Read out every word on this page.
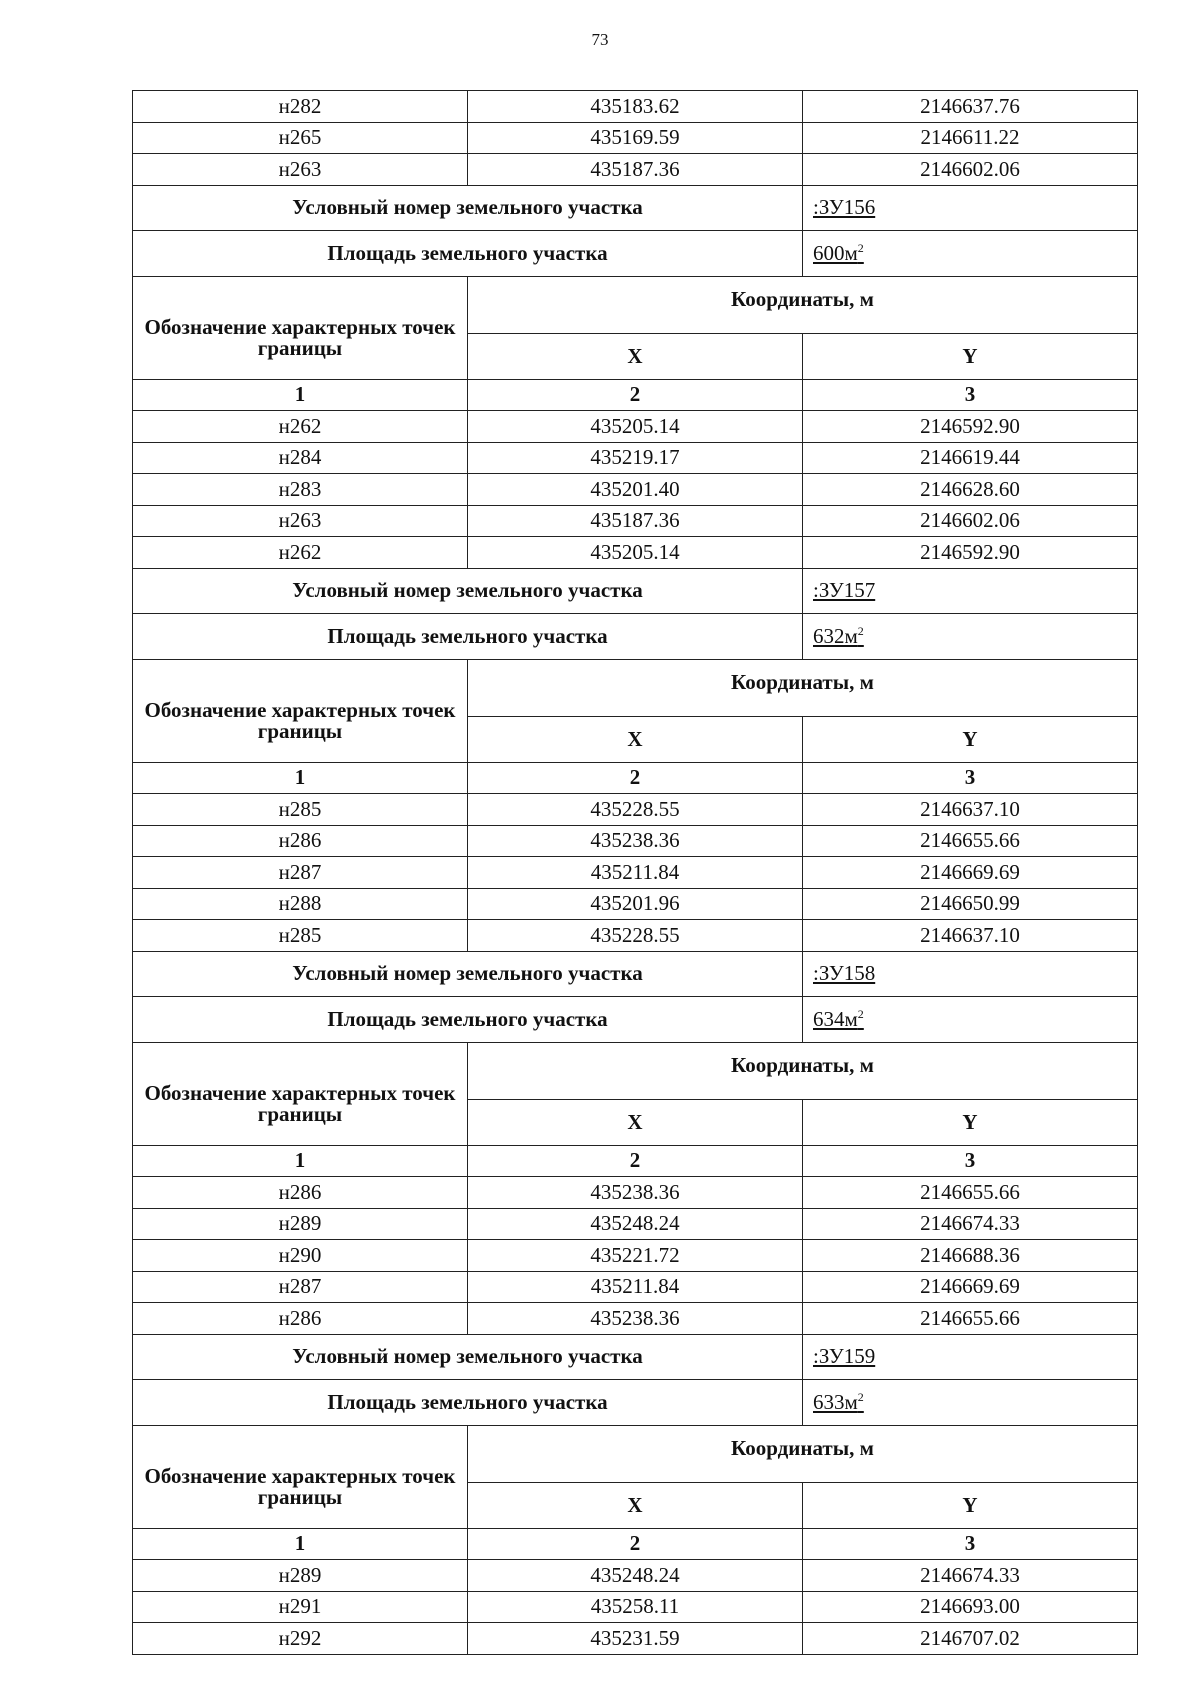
73
н282	435183.62	2146637.76
н265	435169.59	2146611.22
н263	435187.36	2146602.06
Условный номер земельного участка		:ЗУ156
Площадь земельного участка		$600м^2$
Обозначение характерных точек границы	Координаты, м	
	X	Y
1	2	3
н262	435205.14	2146592.90
н284	435219.17	2146619.44
н283	435201.40	2146628.60
н263	435187.36	2146602.06
н262	435205.14	2146592.90
Условный номер земельного участка		:ЗУ157
Площадь земельного участка		$632м^2$
Обозначение характерных точек границы	Координаты, м	
	X	Y
1	2	3
н285	435228.55	2146637.10
н286	435238.36	2146655.66
н287	435211.84	2146669.69
н288	435201.96	2146650.99
н285	435228.55	2146637.10
Условный номер земельного участка		:ЗУ158
Площадь земельного участка		$634м^2$
Обозначение характерных точек границы	Координаты, м	
	X	Y
1	2	3
н286	435238.36	2146655.66
н289	435248.24	2146674.33
н290	435221.72	2146688.36
н287	435211.84	2146669.69
н286	435238.36	2146655.66
Условный номер земельного участка		:ЗУ159
Площадь земельного участка		$633м^2$
Обозначение характерных точек границы	Координаты, м	
	X	Y
1	2	3
н289	435248.24	2146674.33
н291	435258.11	2146693.00
н292	435231.59	2146707.02
